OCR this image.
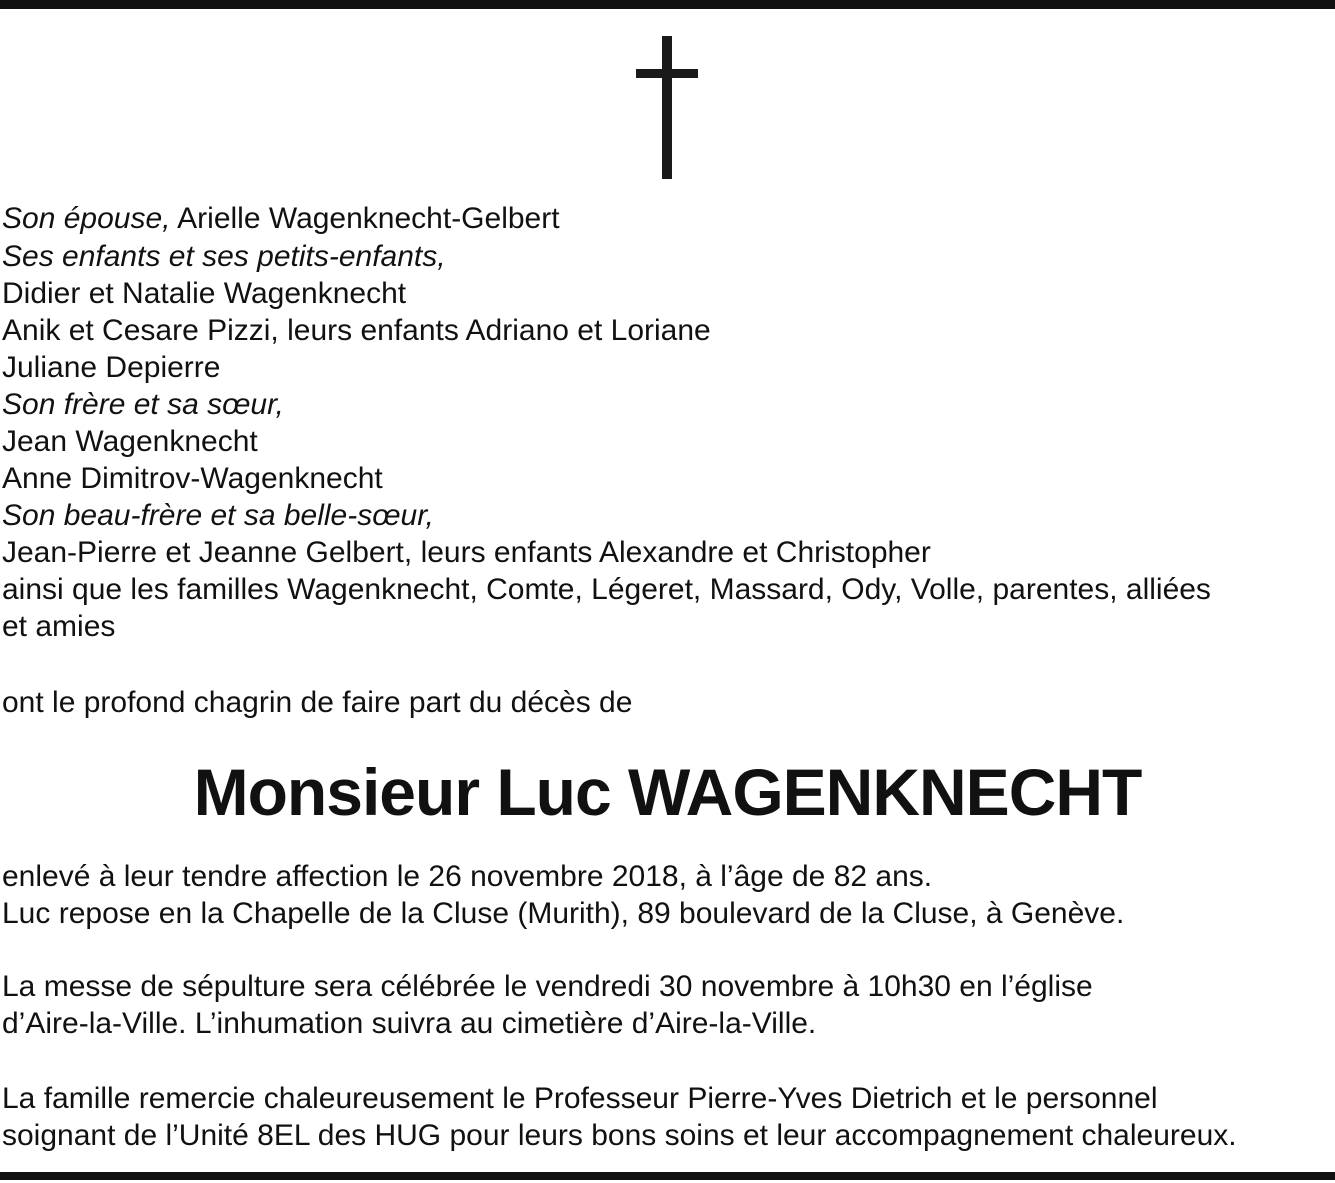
Son épouse, Arielle Wagenknecht-Gelbert
Ses enfants et ses petits-enfants,
Didier et Natalie Wagenknecht
Anik et Cesare Pizzi, leurs enfants Adriano et Loriane
Juliane Depierre
Son frère et sa sœur,
Jean Wagenknecht
Anne Dimitrov-Wagenknecht
Son beau-frère et sa belle-sœur,
Jean-Pierre et Jeanne Gelbert, leurs enfants Alexandre et Christopher
ainsi que les familles Wagenknecht, Comte, Légeret, Massard, Ody, Volle, parentes, alliées
et amies
ont le profond chagrin de faire part du décès de
Monsieur Luc WAGENKNECHT
enlevé à leur tendre affection le 26 novembre 2018, à l’âge de 82 ans.
Luc repose en la Chapelle de la Cluse (Murith), 89 boulevard de la Cluse, à Genève.
La messe de sépulture sera célébrée le vendredi 30 novembre à 10h30 en l’église
d’Aire-la-Ville. L’inhumation suivra au cimetière d’Aire-la-Ville.
La famille remercie chaleureusement le Professeur Pierre-Yves Dietrich et le personnel
soignant de l’Unité 8EL des HUG pour leurs bons soins et leur accompagnement chaleureux.
